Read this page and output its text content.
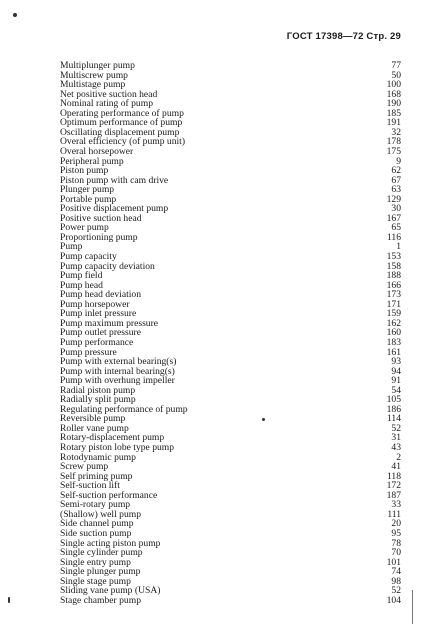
ГОСТ 17398—72 Стр. 29
Multiplunger pump	77
Multiscrew pump	50
Multistage pump	100
Net positive suction head	168
Nominal rating of pump	190
Operating performance of pump	185
Optimum performance of pump	191
Oscillating displacement pump	32
Overal efficiency (of pump unit)	178
Overal horsepower	175
Peripheral pump	9
Piston pump	62
Piston pump with cam drive	67
Plunger pump	63
Portable pump	129
Positive displacement pump	30
Positive suction head	167
Power pump	65
Proportioning pump	116
Pump	1
Pump capacity	153
Pump capacity deviation	158
Pump field	188
Pump head	166
Pump head deviation	173
Pump horsepower	171
Pump inlet pressure	159
Pump maximum pressure	162
Pump outlet pressure	160
Pump performance	183
Pump pressure	161
Pump with external bearing(s)	93
Pump with internal bearing(s)	94
Pump with overhung impeller	91
Radial piston pump	54
Radially split pump	105
Regulating performance of pump	186
Reversible pump	114
Roller vane pump	52
Rotary-displacement pump	31
Rotary piston lobe type pump	43
Rotodynamic pump	2
Screw pump	41
Self priming pump	118
Self-suction lift	172
Self-suction performance	187
Semi-rotary pump	33
(Shallow) well pump	111
Side channel pump	20
Side suction pump	95
Single acting piston pump	78
Single cylinder pump	70
Single entry pump	101
Single plunger pump	74
Single stage pump	98
Sliding vane pump (USA)	52
Stage chamber pump	104
